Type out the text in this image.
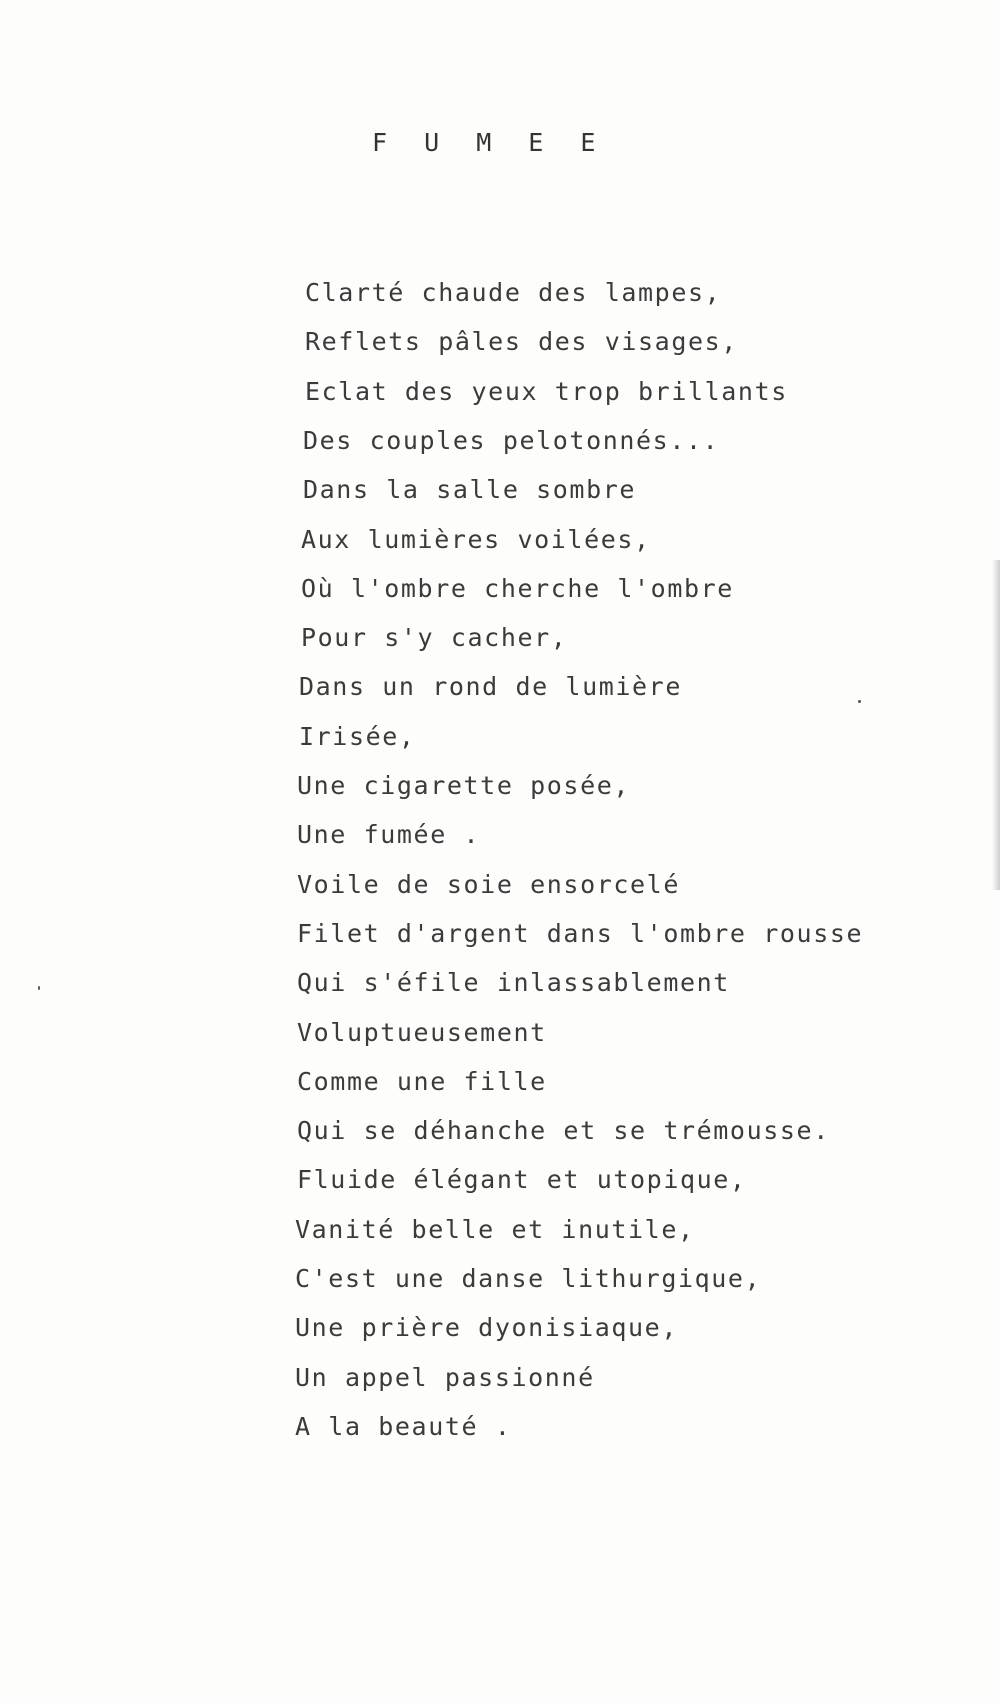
F U M E E
Clarté chaude des lampes,
Reflets pâles des visages,
Eclat des yeux trop brillants
Des couples pelotonnés...
Dans la salle sombre
Aux lumières voilées,
Où l'ombre cherche l'ombre
Pour s'y cacher,
Dans un rond de lumière
Irisée,
Une cigarette posée,
Une fumée .
Voile de soie ensorcelé
Filet d'argent dans l'ombre rousse
Qui s'éfile inlassablement
Voluptueusement
Comme une fille
Qui se déhanche et se trémousse.
Fluide élégant et utopique,
Vanité belle et inutile,
C'est une danse lithurgique,
Une prière dyonisiaque,
Un appel passionné
A la beauté .
